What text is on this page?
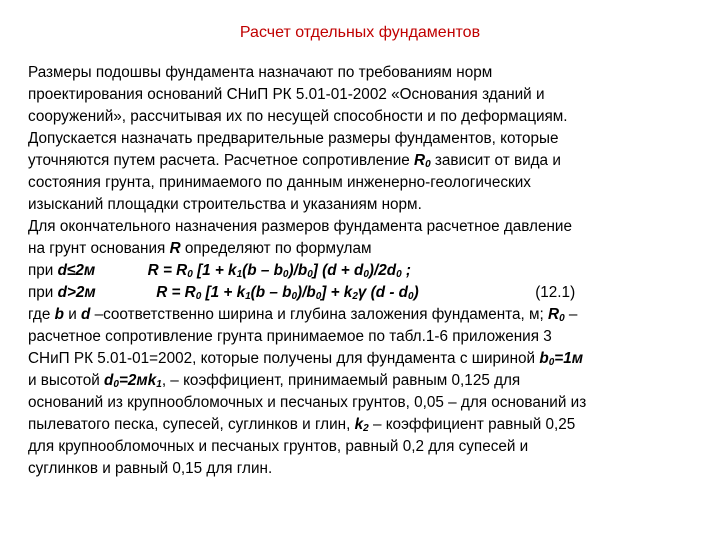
Расчет отдельных фундаментов
Размеры подошвы фундамента назначают по требованиям норм
проектирования оснований СНиП РК 5.01-01-2002 «Основания зданий и
сооружений», рассчитывая их по несущей способности и по деформациям.
Допускается назначать предварительные размеры фундаментов, которые
уточняются путем расчета. Расчетное сопротивление $R_0$ зависит от вида и
состояния грунта, принимаемого по данным инженерно-геологических
изысканий площадки строительства и указаниям норм.
Для окончательного назначения размеров фундамента расчетное давление
на грунт основания R определяют по формулам
при d≤2м	$R = R_0$ $[1 + k_1(b - b_0)/b_0]$ $(d + d_0)/2d_0$ ;
при d>2м	$R = R_0$ $[1 + k_1(b - b_0)/b_0] + k_2\gamma$ $(d - d_0)$	(12.1)
где b и d –соответственно ширина и глубина заложения фундамента, м; $R_0$ –
расчетное сопротивление грунта принимаемое по табл.1-6 приложения 3
СНиП РК 5.01-01=2002, которые получены для фундамента с шириной $b_0=1м$
и высотой $d_0=2мk_1$, – коэффициент, принимаемый равным 0,125 для
оснований из крупнообломочных и песчаных грунтов, 0,05 – для оснований из
пылеватого песка, супесей, суглинков и глин, $k_2$ – коэффициент равный 0,25
для крупнообломочных и песчаных грунтов, равный 0,2 для супесей и
суглинков и равный 0,15 для глин.
